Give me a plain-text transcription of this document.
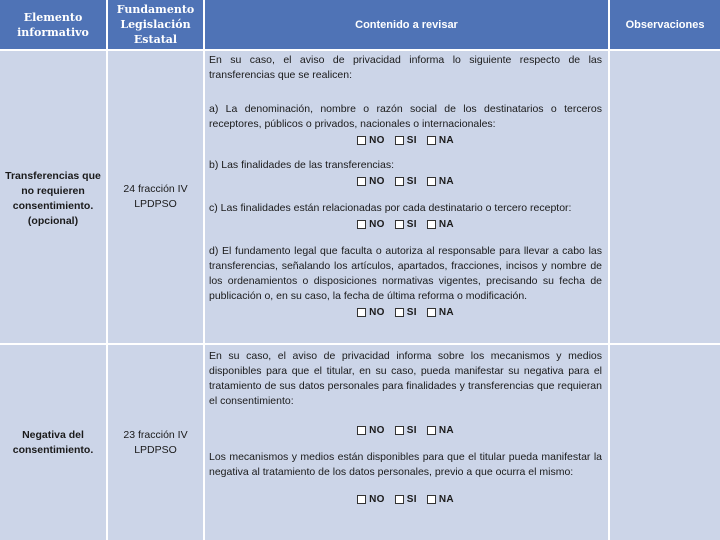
Elemento informativo
Fundamento Legislación Estatal
Contenido a revisar	Observaciones
Transferencias que no requieren consentimiento. (opcional)
24 fracción IV LPDPSO

En su caso, el aviso de privacidad informa lo siguiente respecto de las transferencias que se realicen:

a) La denominación, nombre o razón social de los destinatarios o terceros receptores, públicos o privados, nacionales o internacionales:

NO SI NA

b) Las finalidades de las transferencias:

NO SI NA

c) Las finalidades están relacionadas por cada destinatario o tercero receptor:

NO SI NA

d) El fundamento legal que faculta o autoriza al responsable para llevar a cabo las transferencias, señalando los artículos, apartados, fracciones, incisos y nombre de los ordenamientos o disposiciones normativas vigentes, precisando su fecha de publicación o, en su caso, la fecha de última reforma o modificación.

NO SI NA
Negativa del consentimiento.
23 fracción IV LPDPSO

En su caso, el aviso de privacidad informa sobre los mecanismos y medios disponibles para que el titular, en su caso, pueda manifestar su negativa para el tratamiento de sus datos personales para finalidades y transferencias que requieran el consentimiento:

NO SI NA

Los mecanismos y medios están disponibles para que el titular pueda manifestar la negativa al tratamiento de los datos personales, previo a que ocurra el mismo:

NO SI NA
